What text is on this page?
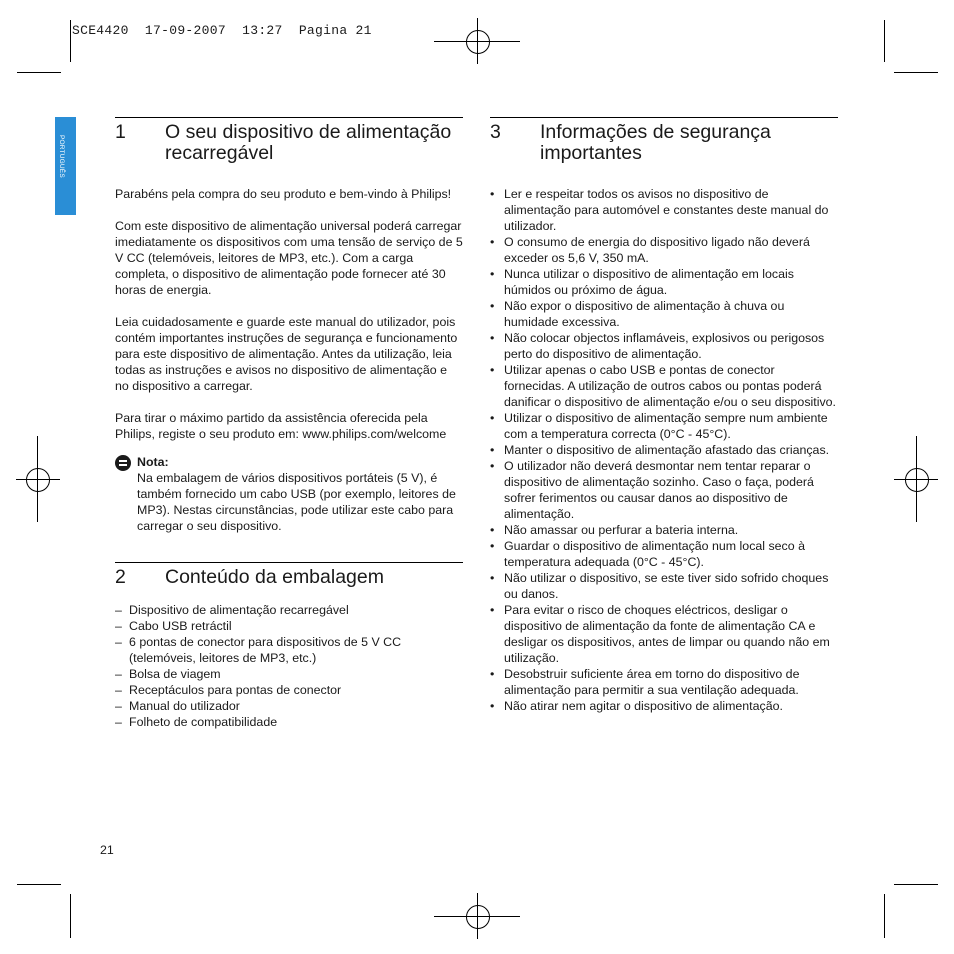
SCE4420  17-09-2007  13:27  Pagina 21
PORTUGUÊS
1	O seu dispositivo de alimentação recarregável

Parabéns pela compra do seu produto e bem-vindo à Philips!

Com este dispositivo de alimentação universal poderá carregar imediatamente os dispositivos com uma tensão de serviço de 5 V CC (telemóveis, leitores de MP3, etc.). Com a carga completa, o dispositivo de alimentação pode fornecer até 30 horas de energia.

Leia cuidadosamente e guarde este manual do utilizador, pois contém importantes instruções de segurança e funcionamento para este dispositivo de alimentação. Antes da utilização, leia todas as instruções e avisos no dispositivo de alimentação e no dispositivo a carregar.

Para tirar o máximo partido da assistência oferecida pela Philips, registe o seu produto em: www.philips.com/welcome

Nota:

Na embalagem de vários dispositivos portáteis (5 V), é também fornecido um cabo USB (por exemplo, leitores de MP3). Nestas circunstâncias, pode utilizar este cabo para carregar o seu dispositivo.

2	Conteúdo da embalagem
– Dispositivo de alimentação recarregável
– Cabo USB retráctil
– 6 pontas de conector para dispositivos de 5 V CC (telemóveis, leitores de MP3, etc.)
– Bolsa de viagem
– Receptáculos para pontas de conector
– Manual do utilizador
– Folheto de compatibilidade
3	Informações de segurança importantes
• Ler e respeitar todos os avisos no dispositivo de alimentação para automóvel e constantes deste manual do utilizador.
• O consumo de energia do dispositivo ligado não deverá exceder os 5,6 V, 350 mA.
• Nunca utilizar o dispositivo de alimentação em locais húmidos ou próximo de água.
• Não expor o dispositivo de alimentação à chuva ou humidade excessiva.
• Não colocar objectos inflamáveis, explosivos ou perigosos perto do dispositivo de alimentação.
• Utilizar apenas o cabo USB e pontas de conector fornecidas. A utilização de outros cabos ou pontas poderá danificar o dispositivo de alimentação e/ou o seu dispositivo.
• Utilizar o dispositivo de alimentação sempre num ambiente com a temperatura correcta (0°C - 45°C).
• Manter o dispositivo de alimentação afastado das crianças.
• O utilizador não deverá desmontar nem tentar reparar o dispositivo de alimentação sozinho. Caso o faça, poderá sofrer ferimentos ou causar danos ao dispositivo de alimentação.
• Não amassar ou perfurar a bateria interna.
• Guardar o dispositivo de alimentação num local seco à temperatura adequada (0°C - 45°C).
• Não utilizar o dispositivo, se este tiver sido sofrido choques ou danos.
• Para evitar o risco de choques eléctricos, desligar o dispositivo de alimentação da fonte de alimentação CA e desligar os dispositivos, antes de limpar ou quando não em utilização.
• Desobstruir suficiente área em torno do dispositivo de alimentação para permitir a sua ventilação adequada.
• Não atirar nem agitar o dispositivo de alimentação.
21
